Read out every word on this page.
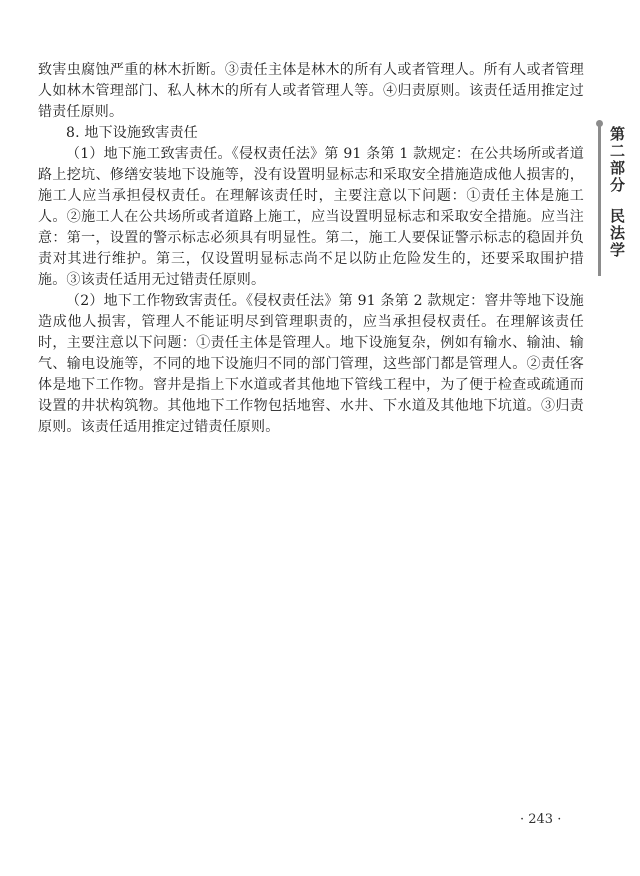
致害虫腐蚀严重的林木折断。③责任主体是林木的所有人或者管理人。所有人或者管理人如林木管理部门、私人林木的所有人或者管理人等。④归责原则。该责任适用推定过错责任原则。

8. 地下设施致害责任

（1）地下施工致害责任。《侵权责任法》第 91 条第 1 款规定：在公共场所或者道路上挖坑、修缮安装地下设施等，没有设置明显标志和采取安全措施造成他人损害的，施工人应当承担侵权责任。在理解该责任时，主要注意以下问题：①责任主体是施工人。②施工人在公共场所或者道路上施工，应当设置明显标志和采取安全措施。应当注意：第一，设置的警示标志必须具有明显性。第二，施工人要保证警示标志的稳固并负责对其进行维护。第三，仅设置明显标志尚不足以防止危险发生的，还要采取围护措施。③该责任适用无过错责任原则。

（2）地下工作物致害责任。《侵权责任法》第 91 条第 2 款规定：窨井等地下设施造成他人损害，管理人不能证明尽到管理职责的，应当承担侵权责任。在理解该责任时，主要注意以下问题：①责任主体是管理人。地下设施复杂，例如有输水、输油、输气、输电设施等，不同的地下设施归不同的部门管理，这些部门都是管理人。②责任客体是地下工作物。窨井是指上下水道或者其他地下管线工程中，为了便于检查或疏通而设置的井状构筑物。其他地下工作物包括地窖、水井、下水道及其他地下坑道。③归责原则。该责任适用推定过错责任原则。

第二部分
民法学
· 243 ·
